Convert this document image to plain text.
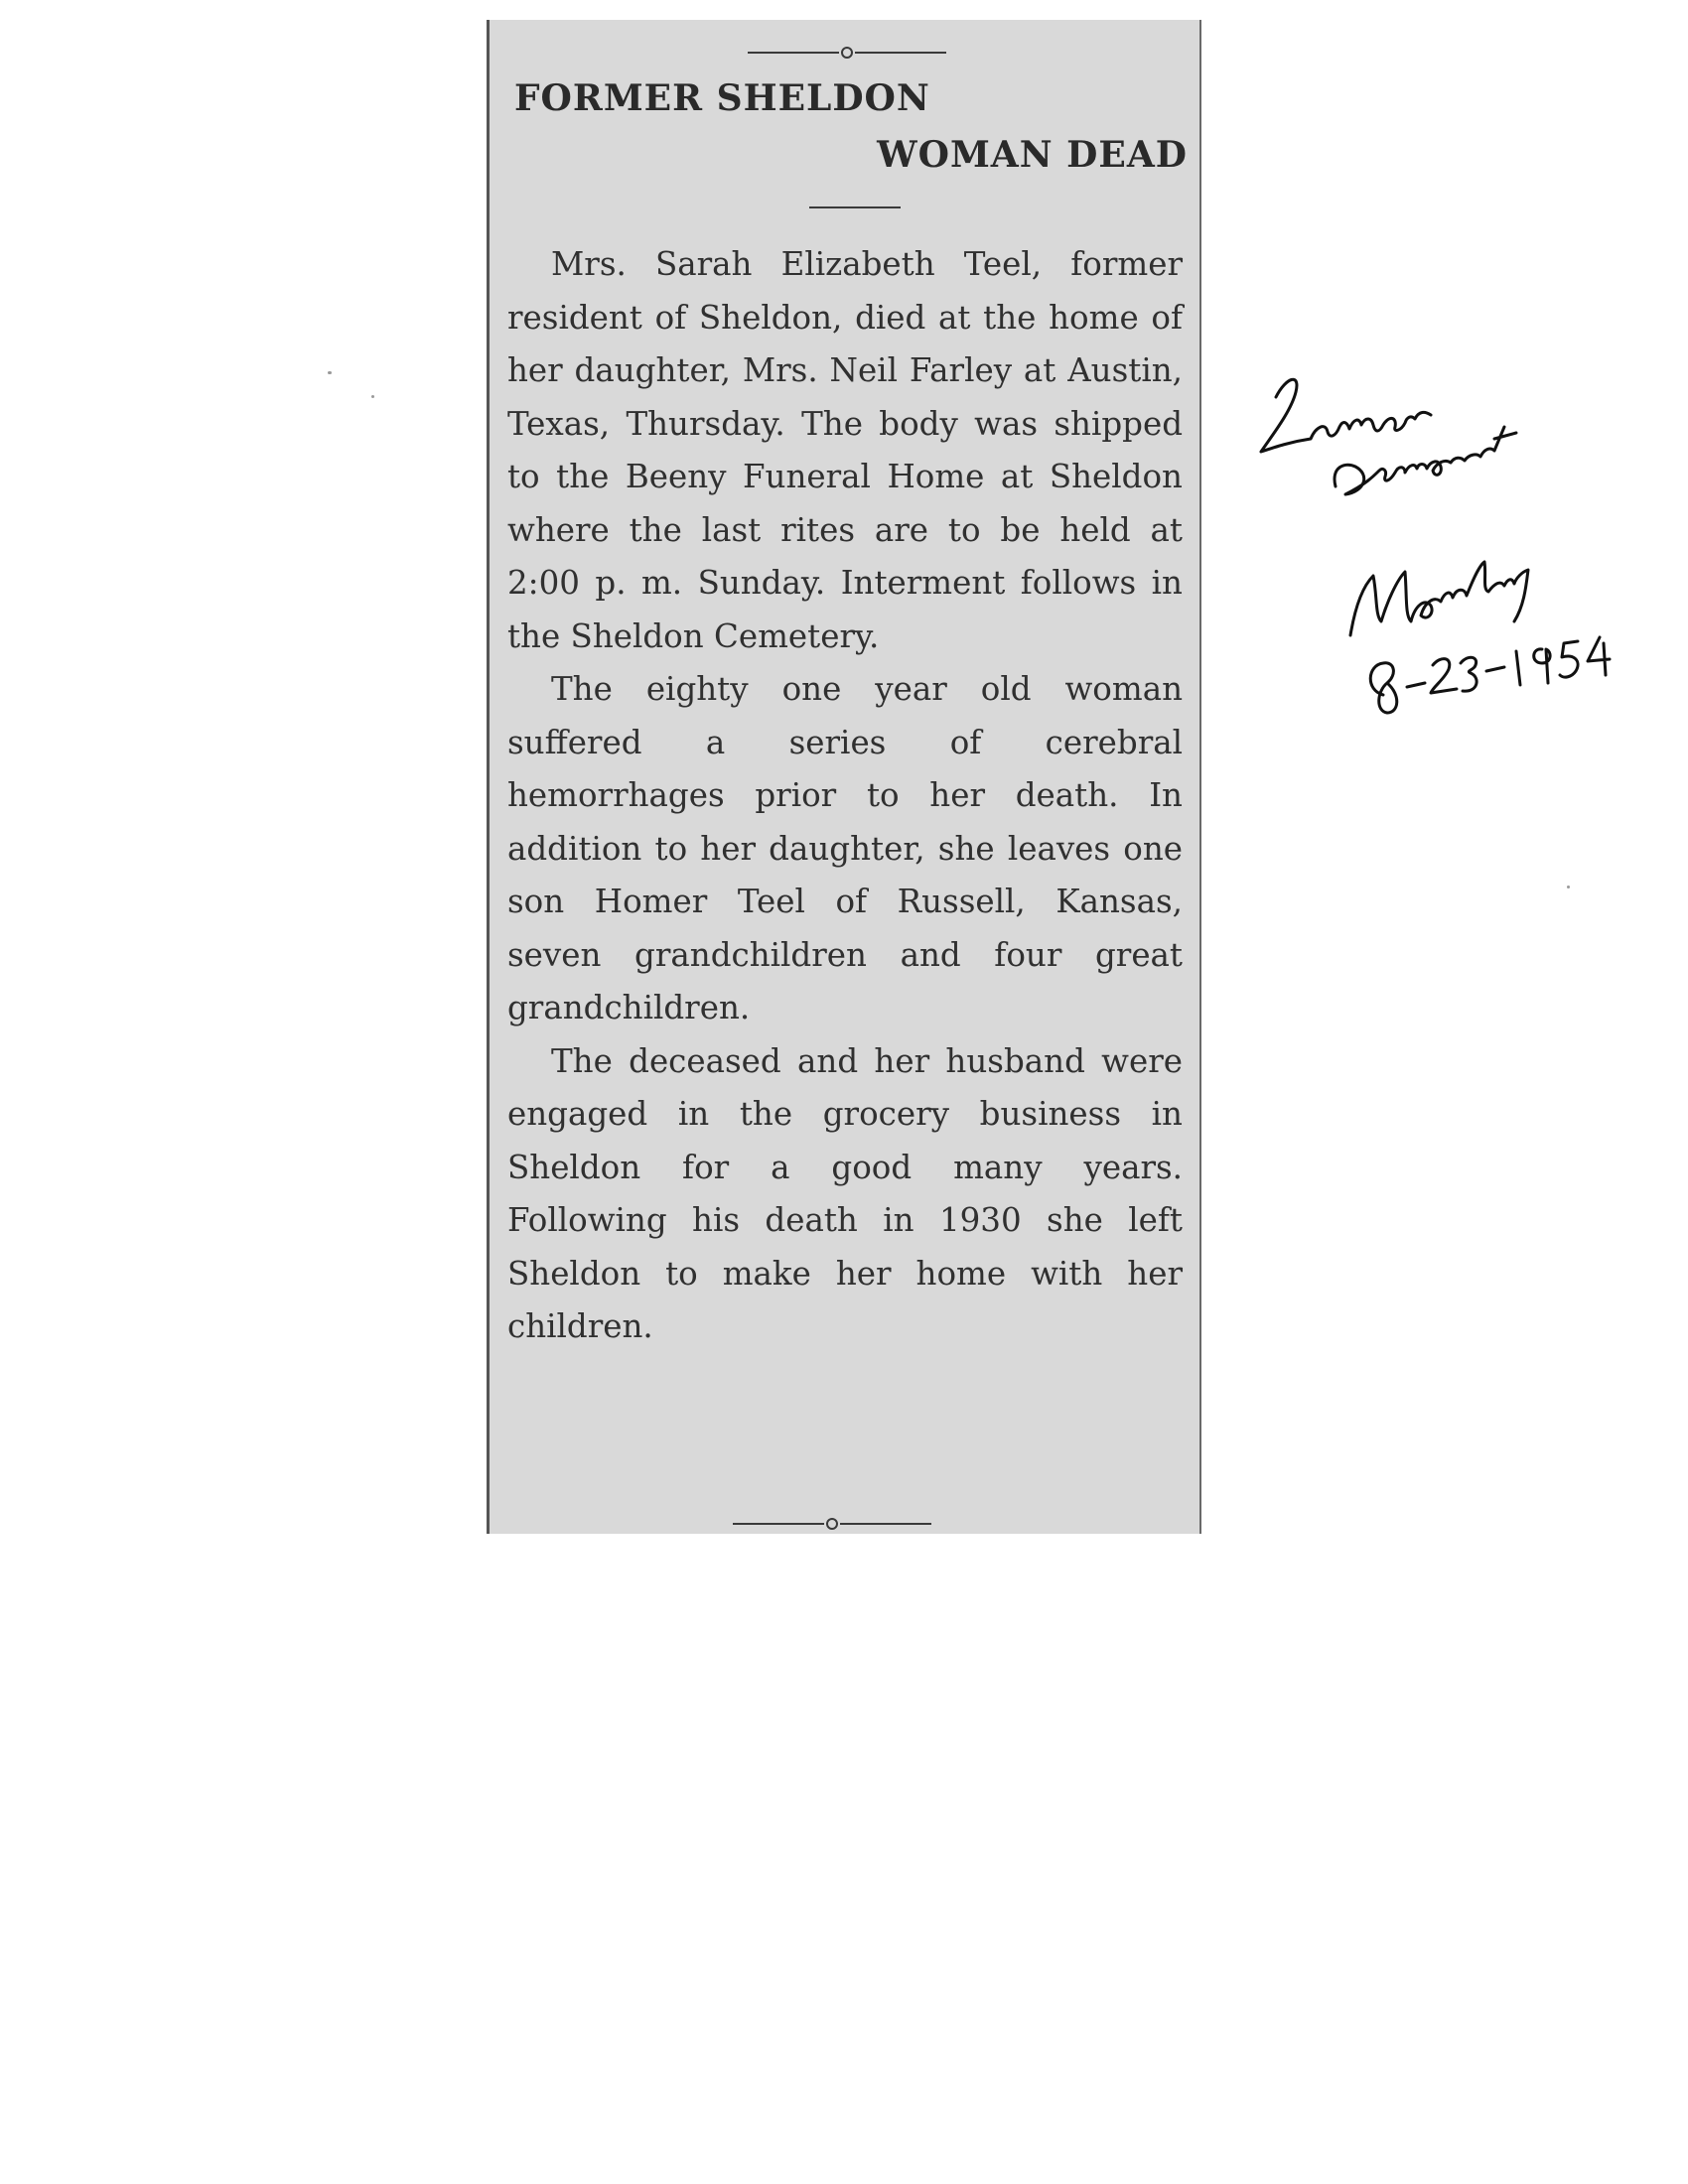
FORMER SHELDON
WOMAN DEAD

Mrs. Sarah Elizabeth Teel, former resident of Sheldon, died at the home of her daughter, Mrs. Neil Farley at Austin, Texas, Thursday. The body was shipped to the Beeny Funeral Home at Sheldon where the last rites are to be held at 2:00 p. m. Sunday. Interment follows in the Sheldon Cemetery.

The eighty one year old woman suffered a series of cerebral hemorrhages prior to her death. In addition to her daughter, she leaves one son Homer Teel of Russell, Kansas, seven grandchildren and four great grandchildren.

The deceased and her husband were engaged in the grocery business in Sheldon for a good many years. Following his death in 1930 she left Sheldon to make her home with her children.
